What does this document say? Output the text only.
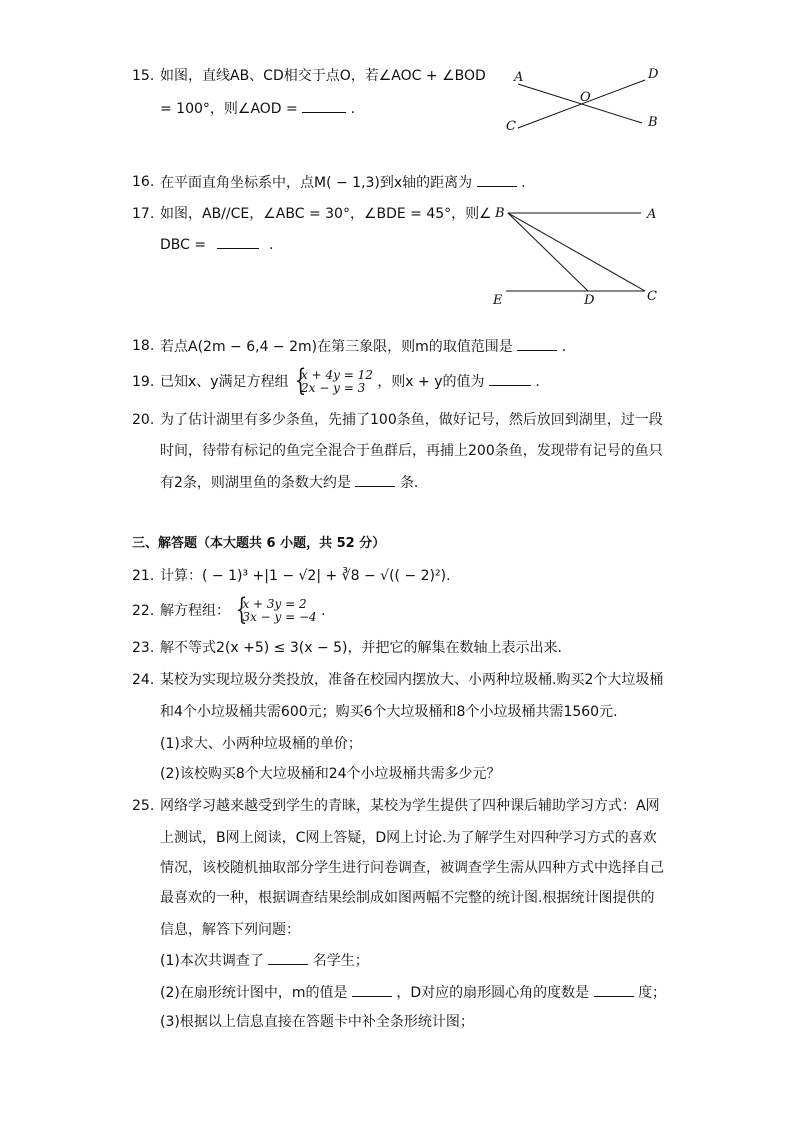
15. 如图，直线AB、CD相交于点O，若∠AOC + ∠BOD
= 100°，则∠AOD =	.
A	D
O
C	B
16. 在平面直角坐标系中，点M( − 1,3)到x轴的距离为	.
17. 如图，AB//CE，∠ABC = 30°，∠BDE = 45°，则∠
DBC =	.
B	A
E	D	C
18. 若点A(2m − 6,4 − 2m)在第三象限，则m的取值范围是	.
19. 已知x、y满足方程组 { x + 4y = 12
2x − y = 3 ，则x + y的值为	.
20. 为了估计湖里有多少条鱼，先捕了100条鱼，做好记号，然后放回到湖里，过一段
时间，待带有标记的鱼完全混合于鱼群后，再捕上200条鱼，发现带有记号的鱼只
有2条，则湖里鱼的条数大约是	条.
三、解答题（本大题共 6 小题，共 52 分）
21. 计算：( − 1)³ +|1 − √2| + ∛8 − √(( − 2)²).
22. 解方程组： { x + 3y = 2
3x − y = −4 .
23. 解不等式2(x +5) ≤ 3(x − 5)，并把它的解集在数轴上表示出来.
24. 某校为实现垃圾分类投放，准备在校园内摆放大、小两种垃圾桶.购买2个大垃圾桶
和4个小垃圾桶共需600元；购买6个大垃圾桶和8个小垃圾桶共需1560元.
(1)求大、小两种垃圾桶的单价；
(2)该校购买8个大垃圾桶和24个小垃圾桶共需多少元？
25. 网络学习越来越受到学生的青睐，某校为学生提供了四种课后辅助学习方式：A网
上测试，B网上阅读，C网上答疑，D网上讨论.为了解学生对四种学习方式的喜欢
情况，该校随机抽取部分学生进行问卷调查，被调查学生需从四种方式中选择自己
最喜欢的一种，根据调查结果绘制成如图两幅不完整的统计图.根据统计图提供的
信息，解答下列问题：
(1)本次共调查了	名学生；
(2)在扇形统计图中，m的值是	，D对应的扇形圆心角的度数是	度；
(3)根据以上信息直接在答题卡中补全条形统计图；
